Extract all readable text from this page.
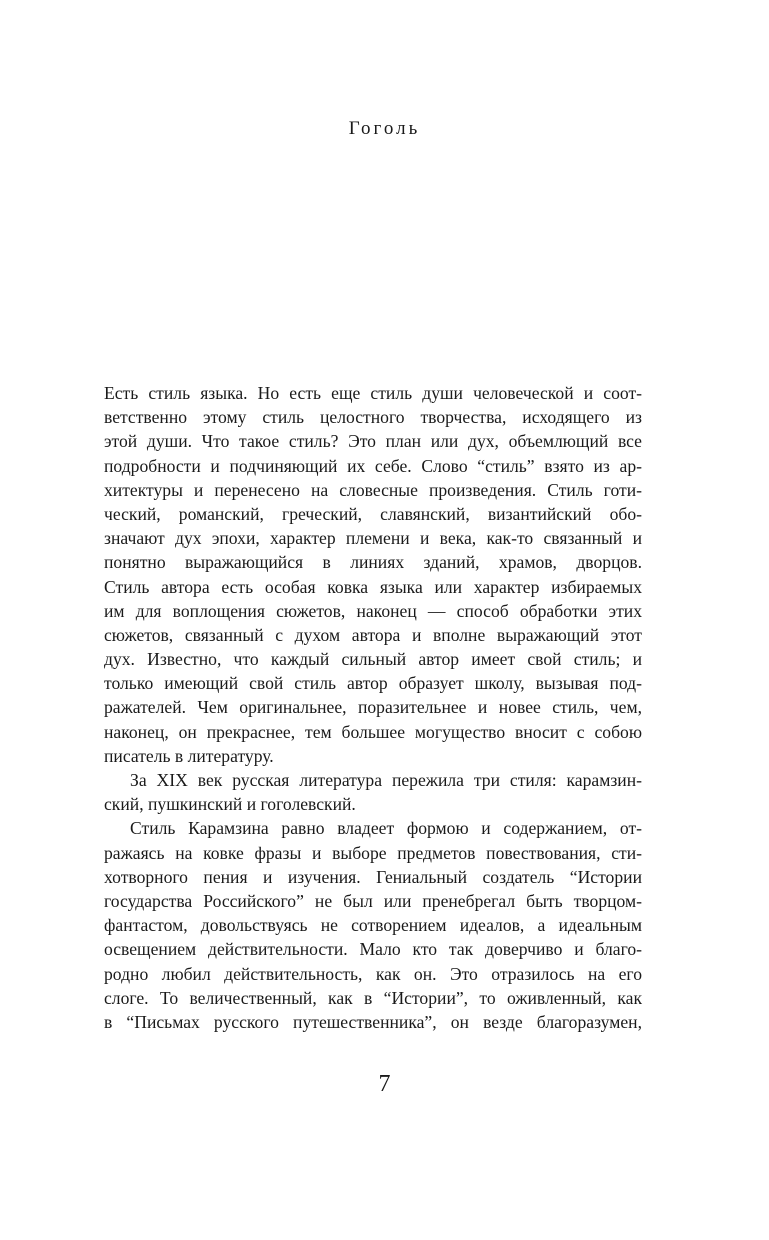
Гоголь
Есть стиль языка. Но есть еще стиль души человеческой и соот-
ветственно этому стиль целостного творчества, исходящего из
этой души. Что такое стиль? Это план или дух, объемлющий все
подробности и подчиняющий их себе. Слово “стиль” взято из ар-
хитектуры и перенесено на словесные произведения. Стиль готи-
ческий, романский, греческий, славянский, византийский обо-
значают дух эпохи, характер племени и века, как-то связанный и
понятно выражающийся в линиях зданий, храмов, дворцов.
Стиль автора есть особая ковка языка или характер избираемых
им для воплощения сюжетов, наконец — способ обработки этих
сюжетов, связанный с духом автора и вполне выражающий этот
дух. Известно, что каждый сильный автор имеет свой стиль; и
только имеющий свой стиль автор образует школу, вызывая под-
ражателей. Чем оригинальнее, поразительнее и новее стиль, чем,
наконец, он прекраснее, тем большее могущество вносит с собою
писатель в литературу.
За XIX век русская литература пережила три стиля: карамзин-
ский, пушкинский и гоголевский.
Стиль Карамзина равно владеет формою и содержанием, от-
ражаясь на ковке фразы и выборе предметов повествования, сти-
хотворного пения и изучения. Гениальный создатель “Истории
государства Российского” не был или пренебрегал быть творцом-
фантастом, довольствуясь не сотворением идеалов, а идеальным
освещением действительности. Мало кто так доверчиво и благо-
родно любил действительность, как он. Это отразилось на его
слоге. То величественный, как в “Истории”, то оживленный, как
в “Письмах русского путешественника”, он везде благоразумен,
7
